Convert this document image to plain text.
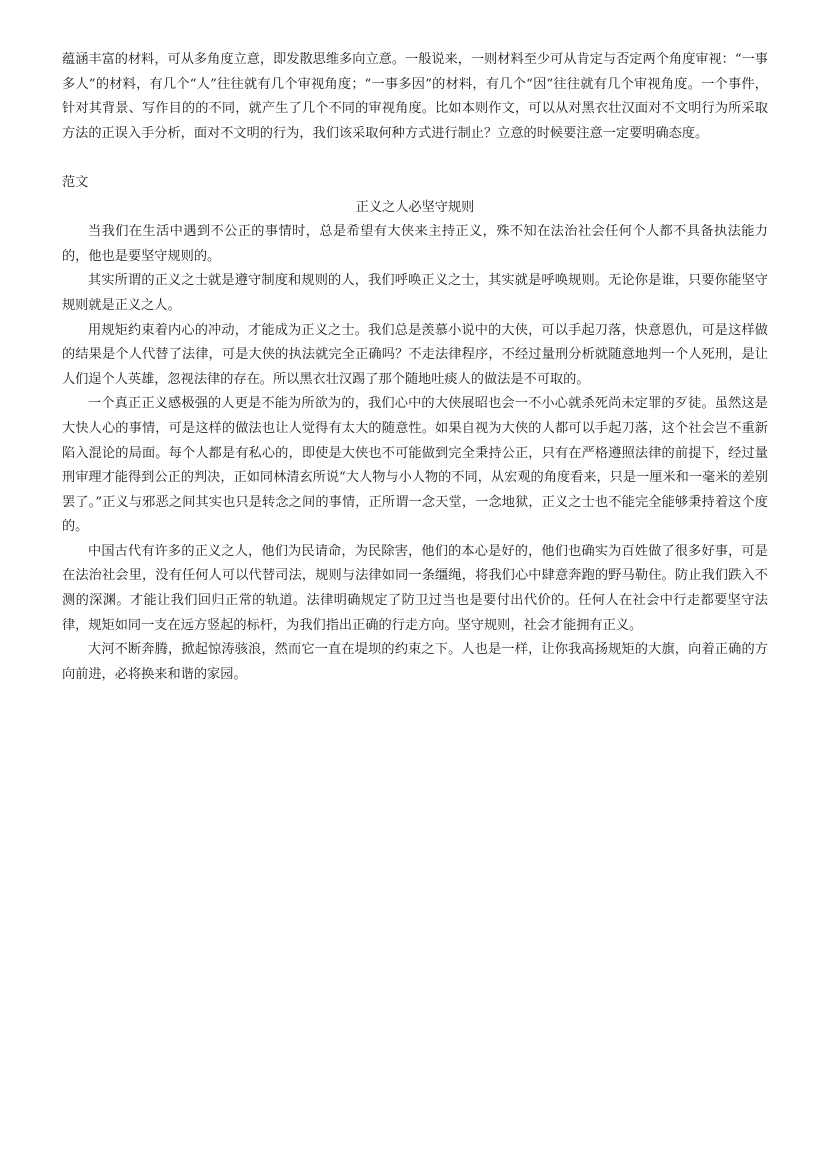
蕴涵丰富的材料，可从多角度立意，即发散思维多向立意。一般说来，一则材料至少可从肯定与否定两个角度审视：“一事多人”的材料，有几个“人”往往就有几个审视角度；“一事多因”的材料，有几个“因”往往就有几个审视角度。一个事件，针对其背景、写作目的的不同，就产生了几个不同的审视角度。比如本则作文，可以从对黑衣壮汉面对不文明行为所采取方法的正误入手分析，面对不文明的行为，我们该采取何种方式进行制止？立意的时候要注意一定要明确态度。

范文

正义之人必坚守规则

当我们在生活中遇到不公正的事情时，总是希望有大侠来主持正义，殊不知在法治社会任何个人都不具备执法能力的，他也是要坚守规则的。

其实所谓的正义之士就是遵守制度和规则的人，我们呼唤正义之士，其实就是呼唤规则。无论你是谁，只要你能坚守规则就是正义之人。

用规矩约束着内心的冲动，才能成为正义之士。我们总是羡慕小说中的大侠，可以手起刀落，快意恩仇，可是这样做的结果是个人代替了法律，可是大侠的执法就完全正确吗？不走法律程序，不经过量刑分析就随意地判一个人死刑，是让人们逞个人英雄，忽视法律的存在。所以黑衣壮汉踢了那个随地吐痰人的做法是不可取的。

一个真正正义感极强的人更是不能为所欲为的，我们心中的大侠展昭也会一不小心就杀死尚未定罪的歹徒。虽然这是大快人心的事情，可是这样的做法也让人觉得有太大的随意性。如果自视为大侠的人都可以手起刀落，这个社会岂不重新陷入混论的局面。每个人都是有私心的，即使是大侠也不可能做到完全秉持公正，只有在严格遵照法律的前提下，经过量刑审理才能得到公正的判决，正如同林清玄所说“大人物与小人物的不同，从宏观的角度看来，只是一厘米和一毫米的差别罢了。”正义与邪恶之间其实也只是转念之间的事情，正所谓一念天堂，一念地狱，正义之士也不能完全能够秉持着这个度的。

中国古代有许多的正义之人，他们为民请命，为民除害，他们的本心是好的，他们也确实为百姓做了很多好事，可是在法治社会里，没有任何人可以代替司法，规则与法律如同一条缰绳，将我们心中肆意奔跑的野马勒住。防止我们跌入不测的深渊。才能让我们回归正常的轨道。法律明确规定了防卫过当也是要付出代价的。任何人在社会中行走都要坚守法律，规矩如同一支在远方竖起的标杆，为我们指出正确的行走方向。坚守规则，社会才能拥有正义。

大河不断奔腾，掀起惊涛骇浪，然而它一直在堤坝的约束之下。人也是一样，让你我高扬规矩的大旗，向着正确的方向前进，必将换来和谐的家园。
